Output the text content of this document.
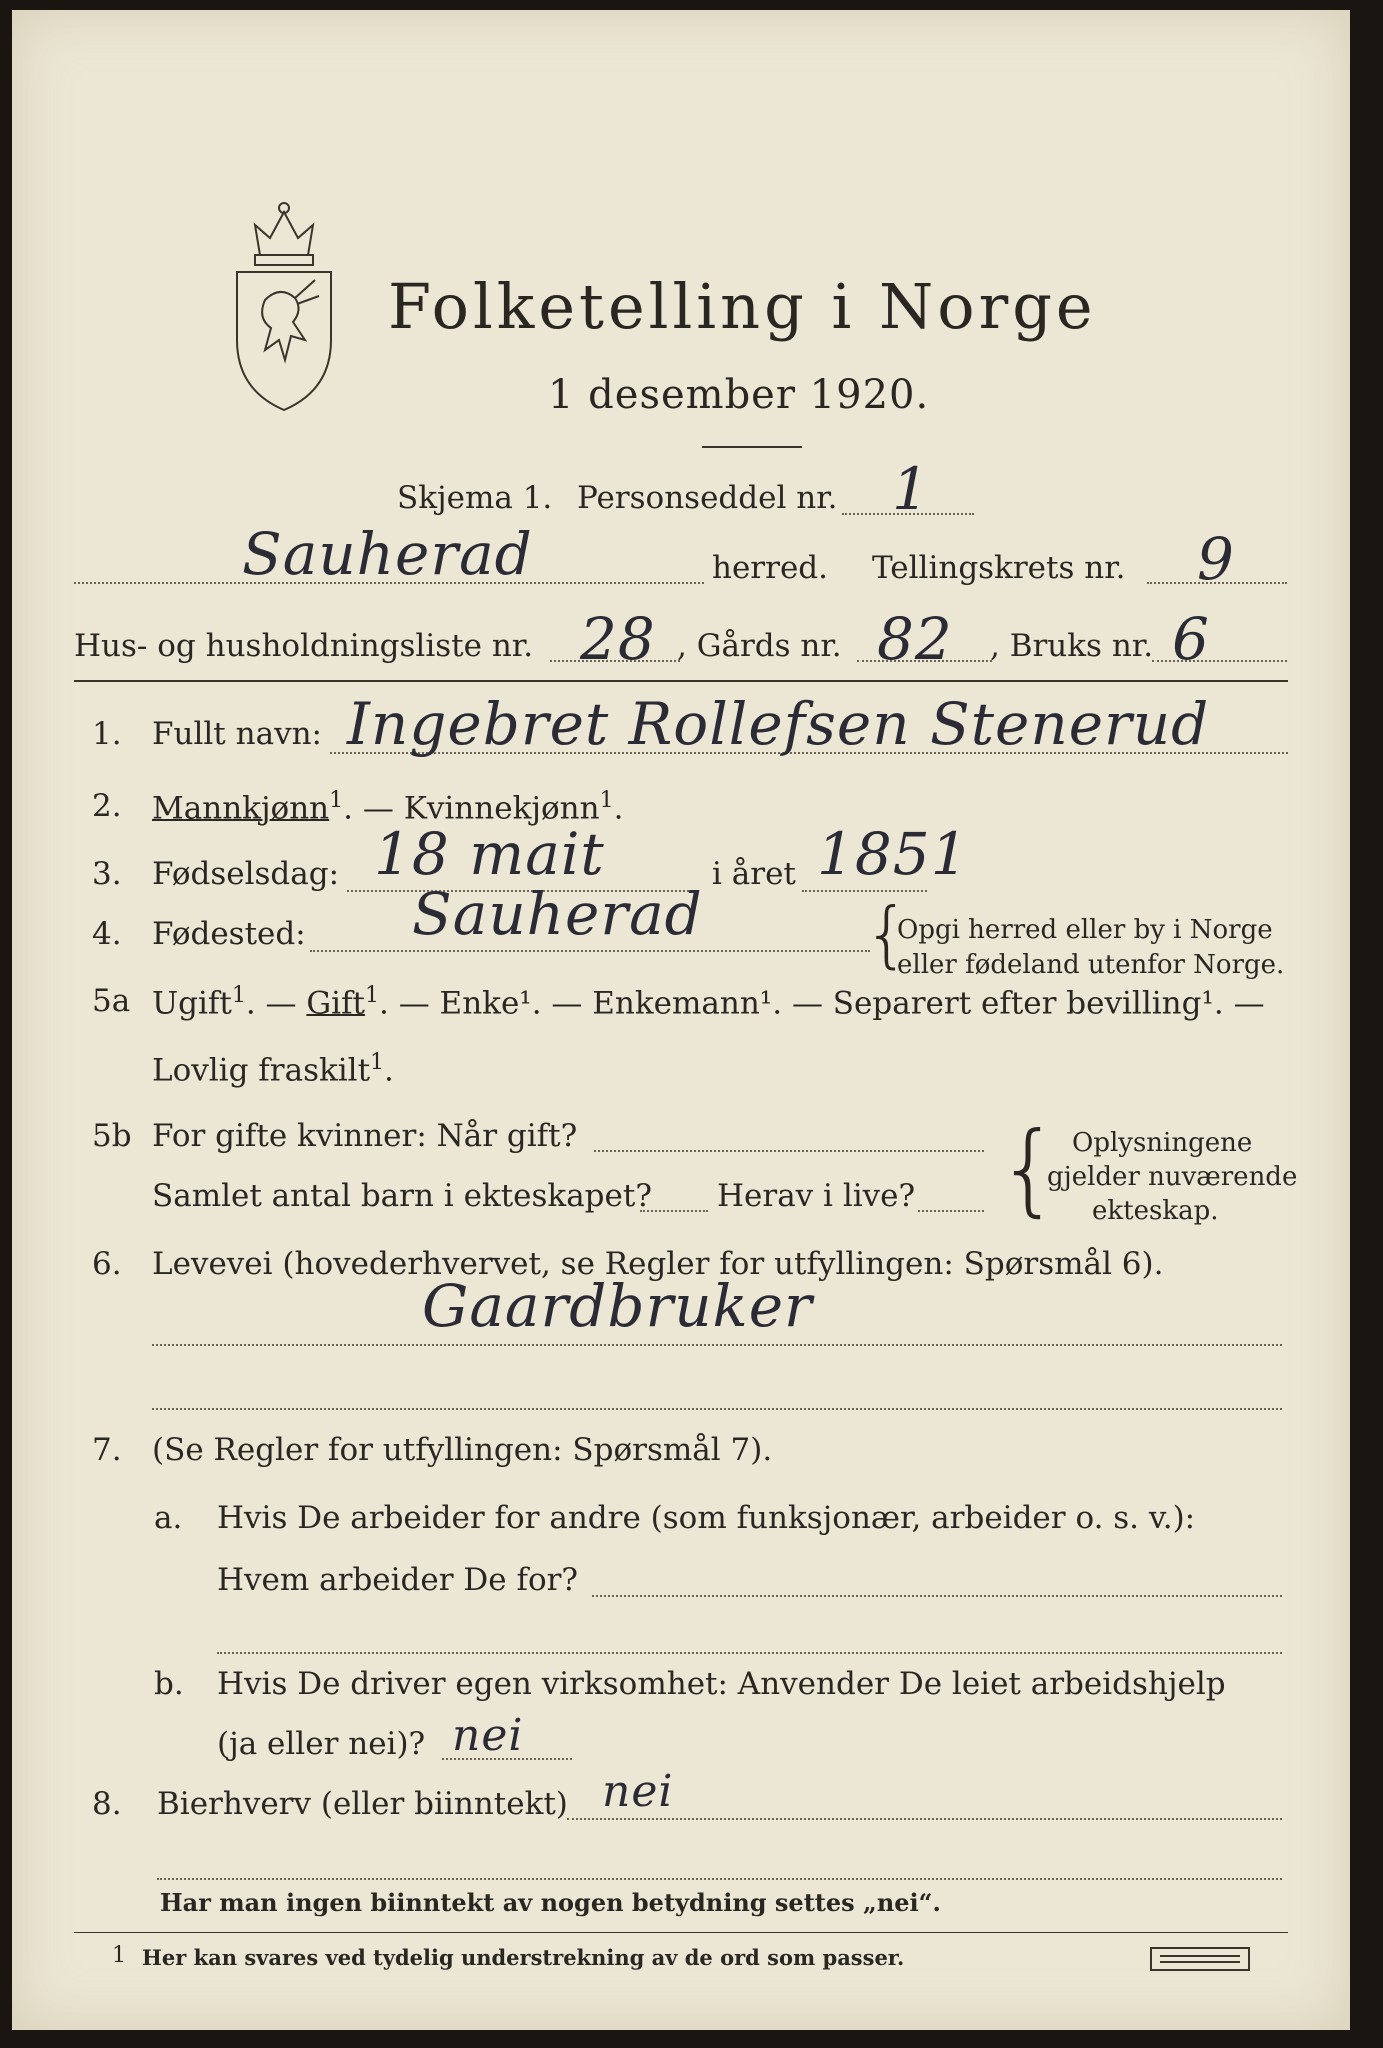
Folketelling i Norge
1 desember 1920.
Skjema 1. Personseddel nr. 1
Sauherad	herred. Tellingskrets nr. 9
Hus- og husholdningsliste nr. 28 , Gårds nr. 82 , Bruks nr. 6
1. Fullt navn: Ingebret Rollefsen Stenerud
2. Mannkjønn$^1$. — Kvinnekjønn$^1$.
3. Fødselsdag: 18 mait	i året 1851
4. Fødested: Sauherad {
Opgi herred eller by i Norge
eller fødeland utenfor Norge.
5a Ugift$^1$. — Gift$^1$. — Enke¹. — Enkemann¹. — Separert efter bevilling¹. —
Lovlig fraskilt$^1$.
5b For gifte kvinner: Når gift?
Samlet antal barn i ekteskapet? Herav i live? { Oplysningene
gjelder nuværende
ekteskap.
6. Levevei (hovederhvervet, se Regler for utfyllingen: Spørsmål 6).
Gaardbruker
7. (Se Regler for utfyllingen: Spørsmål 7).
a. Hvis De arbeider for andre (som funksjonær, arbeider o. s. v.):
Hvem arbeider De for?
b. Hvis De driver egen virksomhet: Anvender De leiet arbeidshjelp
(ja eller nei)? nei
8. Bierhverv (eller biinntekt) nei
Har man ingen biinntekt av nogen betydning settes „nei“.
1 Her kan svares ved tydelig understrekning av de ord som passer.
